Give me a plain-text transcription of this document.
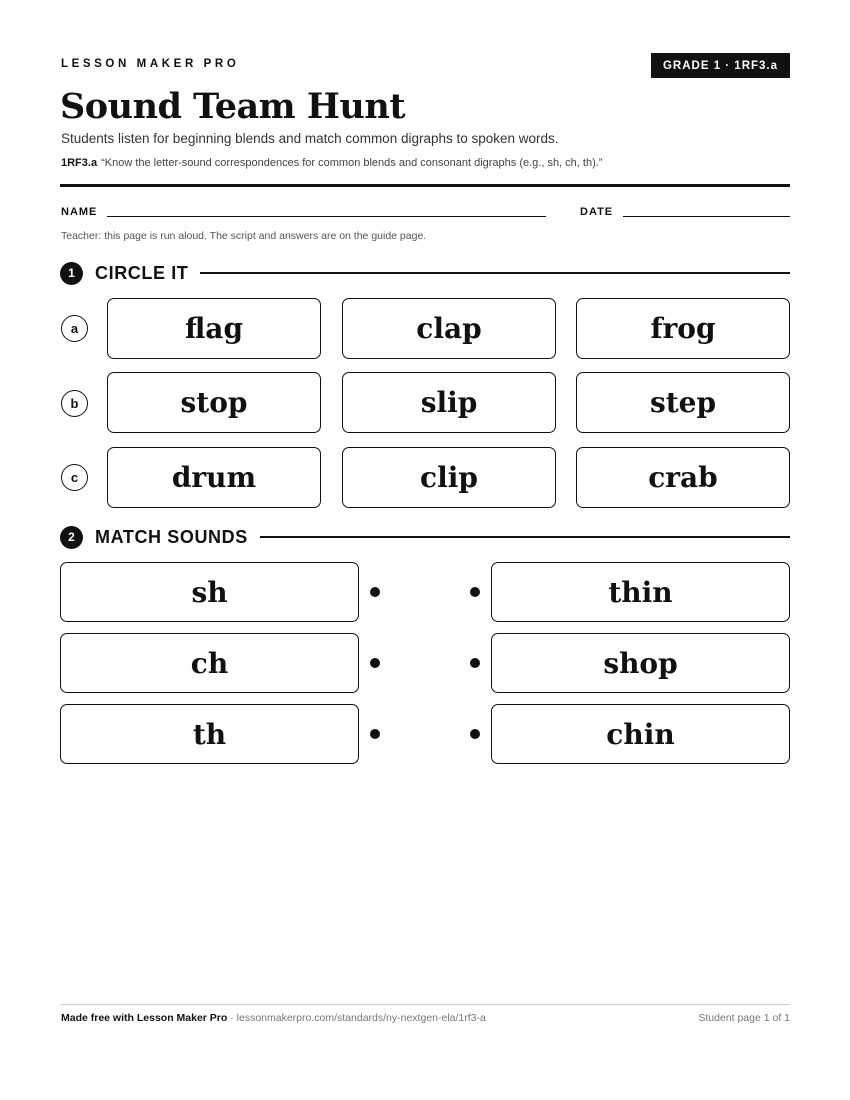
LESSON MAKER PRO	GRADE 1 · 1RF3.a
Sound Team Hunt
Students listen for beginning blends and match common digraphs to spoken words.
1RF3.a “Know the letter-sound correspondences for common blends and consonant digraphs (e.g., sh, ch, th).”
NAME	DATE
Teacher: this page is run aloud. The script and answers are on the guide page.
1	CIRCLE IT
a	flag	clap	frog
b	stop	slip	step
c	drum	clip	crab
2	MATCH SOUNDS
sh	thin
ch	shop
th	chin
Made free with Lesson Maker Pro · lessonmakerpro.com/standards/ny-nextgen-ela/1rf3-a	Student page 1 of 1
